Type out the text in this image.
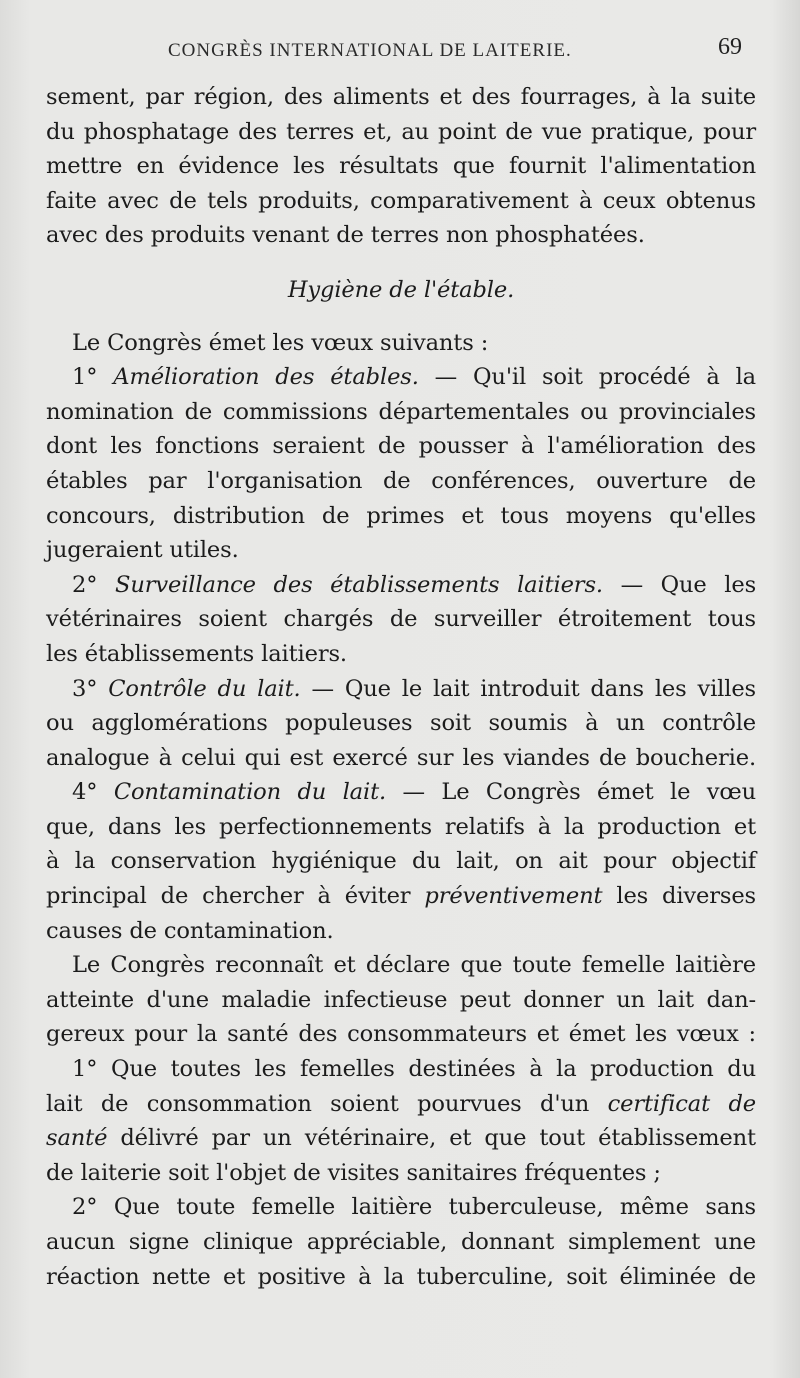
CONGRÈS INTERNATIONAL DE LAITERIE.	69
sement, par région, des aliments et des fourrages, à la suite
du phosphatage des terres et, au point de vue pratique, pour
mettre en évidence les résultats que fournit l'alimentation
faite avec de tels produits, comparativement à ceux obtenus
avec des produits venant de terres non phosphatées.
Hygiène de l'étable.
Le Congrès émet les vœux suivants :
1° Amélioration des étables. — Qu'il soit procédé à la
nomination de commissions départementales ou provinciales
dont les fonctions seraient de pousser à l'amélioration des
étables par l'organisation de conférences, ouverture de
concours, distribution de primes et tous moyens qu'elles
jugeraient utiles.
2° Surveillance des établissements laitiers. — Que les
vétérinaires soient chargés de surveiller étroitement tous
les établissements laitiers.
3° Contrôle du lait. — Que le lait introduit dans les villes
ou agglomérations populeuses soit soumis à un contrôle
analogue à celui qui est exercé sur les viandes de boucherie.
4° Contamination du lait. — Le Congrès émet le vœu
que, dans les perfectionnements relatifs à la production et
à la conservation hygiénique du lait, on ait pour objectif
principal de chercher à éviter préventivement les diverses
causes de contamination.
Le Congrès reconnaît et déclare que toute femelle laitière
atteinte d'une maladie infectieuse peut donner un lait dan-
gereux pour la santé des consommateurs et émet les vœux :
1° Que toutes les femelles destinées à la production du
lait de consommation soient pourvues d'un certificat de
santé délivré par un vétérinaire, et que tout établissement
de laiterie soit l'objet de visites sanitaires fréquentes ;
2° Que toute femelle laitière tuberculeuse, même sans
aucun signe clinique appréciable, donnant simplement une
réaction nette et positive à la tuberculine, soit éliminée de
